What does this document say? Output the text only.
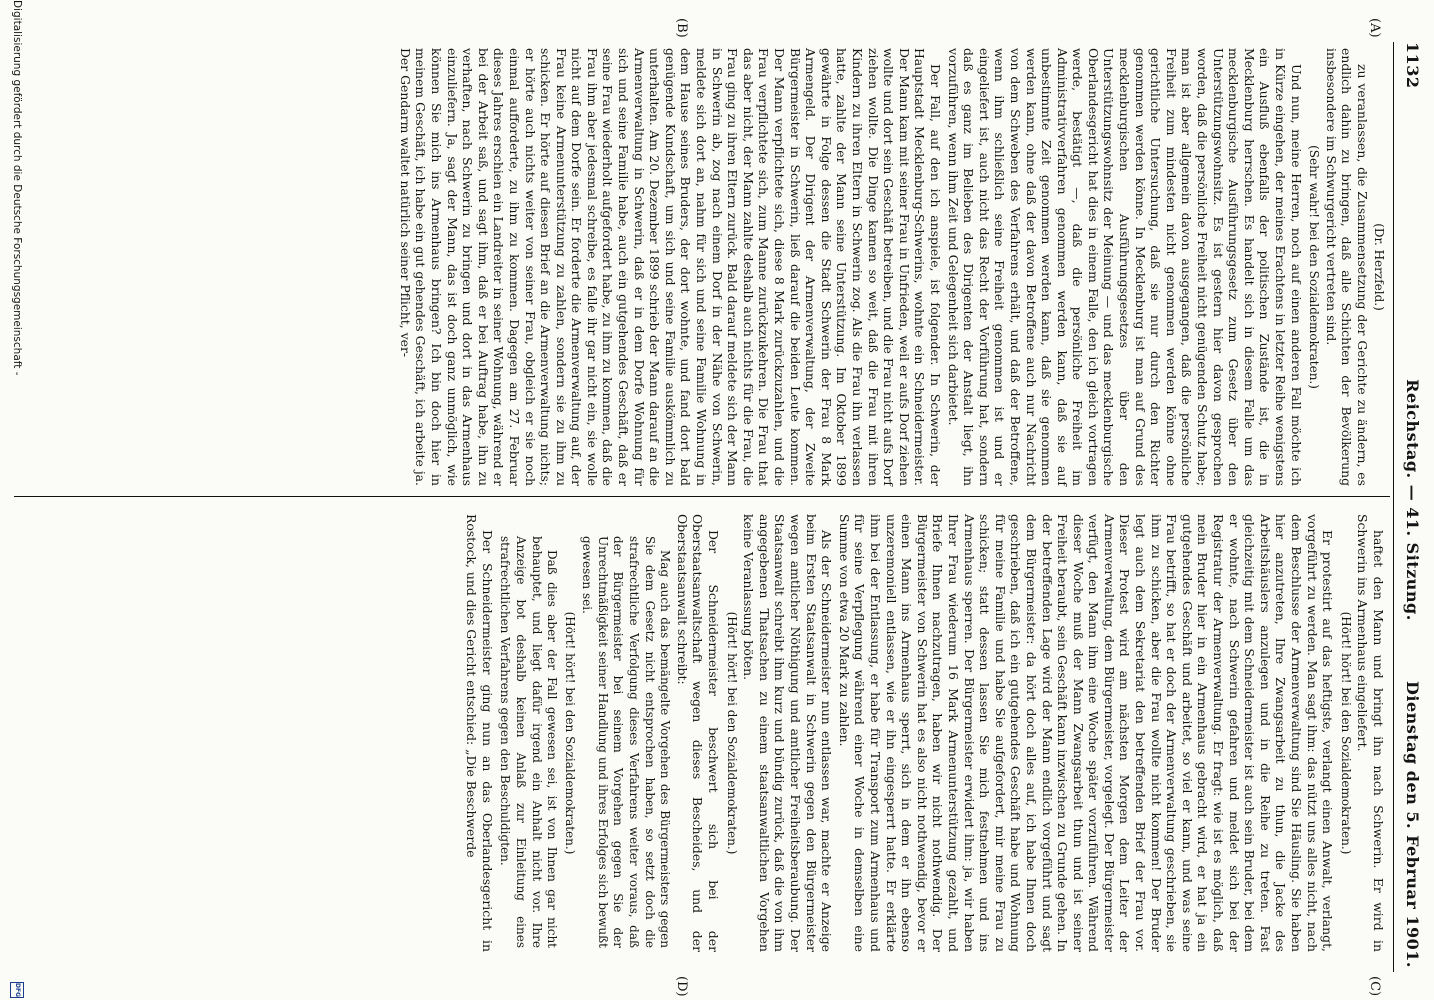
1132
Reichstag. — 41. Sitzung.
Dienstag den 5. Februar 1901.
(A)
(B)
(C)
(D)
(Dr. Herzfeld.)

zu veranlassen, die Zusammensetzung der Gerichte zu ändern, es endlich dahin zu bringen, daß alle Schichten der Bevölkerung insbesondere im Schwurgericht vertreten sind.

(Sehr wahr! bei den Sozialdemokraten.)

Und nun, meine Herren, noch auf einen anderen Fall möchte ich in Kürze eingehen, der meines Erachtens in letzter Reihe wenigstens ein Ausfluß ebenfalls der politischen Zustände ist, die in Mecklenburg herrschen. Es handelt sich in diesem Falle um das mecklenburgische Ausführungsgesetz zum Gesetz über den Unterstützungswohnsitz. Es ist gestern hier davon gesprochen worden, daß die persönliche Freiheit nicht genügenden Schutz habe; man ist aber allgemein davon ausgegangen, daß die persönliche Freiheit zum mindesten nicht genommen werden könne ohne gerichtliche Untersuchung, daß sie nur durch den Richter genommen werden könne. In Mecklenburg ist man auf Grund des mecklenburgischen Ausführungsgesetzes über den Unterstützungswohnsitz der Meinung — und das mecklenburgische Oberlandesgericht hat dies in einem Falle, den ich gleich vortragen werde, bestätigt —, daß die persönliche Freiheit im Administrativverfahren genommen werden kann, daß sie auf unbestimmte Zeit genommen werden kann, daß sie genommen werden kann, ohne daß der davon Betroffene auch nur Nachricht von dem Schweben des Verfahrens erhält, und daß der Betroffene, wenn ihm schließlich seine Freiheit genommen ist und er eingeliefert ist, auch nicht das Recht der Vorführung hat, sondern daß es ganz im Belieben des Dirigenten der Anstalt liegt, ihn vorzuführen, wenn ihm Zeit und Gelegenheit sich darbietet.

Der Fall, auf den ich anspiele, ist folgender. In Schwerin, der Hauptstadt Mecklenburg-Schwerins, wohnte ein Schneidermeister. Der Mann kam mit seiner Frau in Unfrieden, weil er aufs Dorf ziehen wollte und dort sein Geschäft betreiben, und die Frau nicht aufs Dorf ziehen wollte. Die Dinge kamen so weit, daß die Frau mit ihren Kindern zu ihren Eltern in Schwerin zog. Als die Frau ihn verlassen hatte, zahlte der Mann seine Unterstützung. Im Oktober 1899 gewährte in Folge dessen die Stadt Schwerin der Frau 8 Mark Armengeld. Der Dirigent der Armenverwaltung, der Zweite Bürgermeister in Schwerin, ließ darauf die beiden Leute kommen. Der Mann verpflichtete sich, diese 8 Mark zurückzuzahlen, und die Frau verpflichtete sich, zum Manne zurückzukehren. Die Frau that das aber nicht, der Mann zahlte deshalb auch nichts für die Frau, die Frau ging zu ihren Eltern zurück. Bald darauf meldete sich der Mann in Schwerin ab, zog nach einem Dorf in der Nähe von Schwerin, meldete sich dort an, nahm für sich und seine Familie Wohnung in dem Hause seines Bruders, der dort wohnte, und fand dort bald genügende Kundschaft, um sich und seine Familie auskömmlich zu unterhalten. Am 20. Dezember 1899 schrieb der Mann darauf an die Armenverwaltung in Schwerin, daß er in dem Dorfe Wohnung für sich und seine Familie habe, auch ein gutgehendes Geschäft, daß er seine Frau wiederholt aufgefordert habe, zu ihm zu kommen, daß die Frau ihm aber jedesmal schreibe, es falle ihr gar nicht ein, sie wolle nicht auf dem Dorfe sein. Er forderte die Armenverwaltung auf, der Frau keine Armenunterstützung zu zahlen, sondern sie zu ihm zu schicken. Er hörte auf diesen Brief an die Armenverwaltung nichts; er hörte auch nichts weiter von seiner Frau, obgleich er sie noch einmal aufforderte, zu ihm zu kommen. Dagegen am 27. Februar dieses Jahres erschien ein Landreiter in seiner Wohnung, während er bei der Arbeit saß, und sagt ihm, daß er bei Auftrag habe, ihn zu verhaften, nach Schwerin zu bringen und dort in das Armenhaus einzuliefern. Ja, sagt der Mann, das ist doch ganz unmöglich, wie können Sie mich ins Armenhaus bringen? Ich bin doch hier in meinem Geschäft, ich habe ein gut gehendes Geschäft, ich arbeite ja. Der Gendarm waltet natürlich seiner Pflicht, ver-

haftet den Mann und bringt ihn nach Schwerin. Er wird in Schwerin ins Armenhaus eingeliefert.

(Hört! hört! bei den Sozialdemokraten.)

Er protestirt auf das heftigste, verlangt einen Anwalt, verlangt, vorgeführt zu werden. Man sagt ihm: das nützt uns alles nicht, nach dem Beschlusse der Armenverwaltung sind Sie Häusling. Sie haben hier anzutreten, Ihre Zwangsarbeit zu thun, die Jacke des Arbeitshäuslers anzulegen und in die Reihe zu treten. Fast gleichzeitig mit dem Schneidermeister ist auch sein Bruder, bei dem er wohnte, nach Schwerin gefahren und meldet sich bei der Registratur der Armenverwaltung. Er fragt: wie ist es möglich, daß mein Bruder hier in ein Armenhaus gebracht wird, er hat ja ein gutgehendes Geschäft und arbeitet, so viel er kann, und was seine Frau betrifft, so hat er doch der Armenverwaltung geschrieben, sie ihm zu schicken, aber die Frau wollte nicht kommen! Der Bruder legt auch dem Sekretariat den betreffenden Brief der Frau vor. Dieser Protest wird am nächsten Morgen dem Leiter der Armenverwaltung, dem Bürgermeister, vorgelegt. Der Bürgermeister verfügt, den Mann ihm eine Woche später vorzuführen. Während dieser Woche muß der Mann Zwangsarbeit thun und ist seiner Freiheit beraubt, sein Geschäft kann inzwischen zu Grunde gehen. In der betreffenden Lage wird der Mann endlich vorgeführt und sagt dem Bürgermeister: da hört doch alles auf, ich habe Ihnen doch geschrieben, daß ich ein gutgehendes Geschäft habe und Wohnung für meine Familie und habe Sie aufgefordert, mir meine Frau zu schicken; statt dessen lassen Sie mich festnehmen und ins Armenhaus sperren. Der Bürgermeister erwidert ihm: ja, wir haben Ihrer Frau wiederum 16 Mark Armenunterstützung gezahlt, und Briefe Ihnen nachzutragen, haben wir nicht nothwendig. Der Bürgermeister von Schwerin hat es also nicht nothwendig, bevor er einen Mann ins Armenhaus sperrt, sich in dem er ihn ebenso unzeremoniell entlassen, wie er ihn eingesperrt hatte. Er erklärte ihm bei der Entlassung, er habe für Transport zum Armenhaus und für seine Verpflegung während einer Woche in demselben eine Summe von etwa 20 Mark zu zahlen.

Als der Schneidermeister nun entlassen war, machte er Anzeige beim Ersten Staatsanwalt in Schwerin gegen den Bürgermeister wegen amtlicher Nöthigung und amtlicher Freiheitsberaubung. Der Staatsanwalt schreibt ihm kurz und bündig zurück, daß die von ihm angegebenen Thatsachen zu einem staatsanwaltlichen Vorgehen keine Veranlassung böten.

(Hört! hört! bei den Sozialdemokraten.)

Der Schneidermeister beschwert sich bei der Oberstaatsanwaltschaft wegen dieses Bescheides, und der Oberstaatsanwalt schreibt:

Mag auch das bemängelte Vorgehen des Bürgermeisters gegen Sie dem Gesetz nicht entsprochen haben, so setzt doch die strafrechtliche Verfolgung dieses Verfahrens weiter voraus, daß der Bürgermeister bei seinem Vorgehen gegen Sie der Unrechtmäßigkeit seiner Handlung und ihres Erfolges sich bewußt gewesen sei.

(Hört! hört! bei den Sozialdemokraten.)

Daß dies aber der Fall gewesen sei, ist von Ihnen gar nicht behauptet, und liegt dafür irgend ein Anhalt nicht vor. Ihre Anzeige bot deshalb keinen Anlaß zur Einleitung eines strafrechtlichen Verfahrens gegen den Beschuldigten.

Der Schneidermeister ging nun an das Oberlandesgericht in Rostock, und dies Gericht entschied: „Die Beschwerde

Digitalisierung gefördert durch die Deutsche Forschungsgemeinschaft -
DFG
